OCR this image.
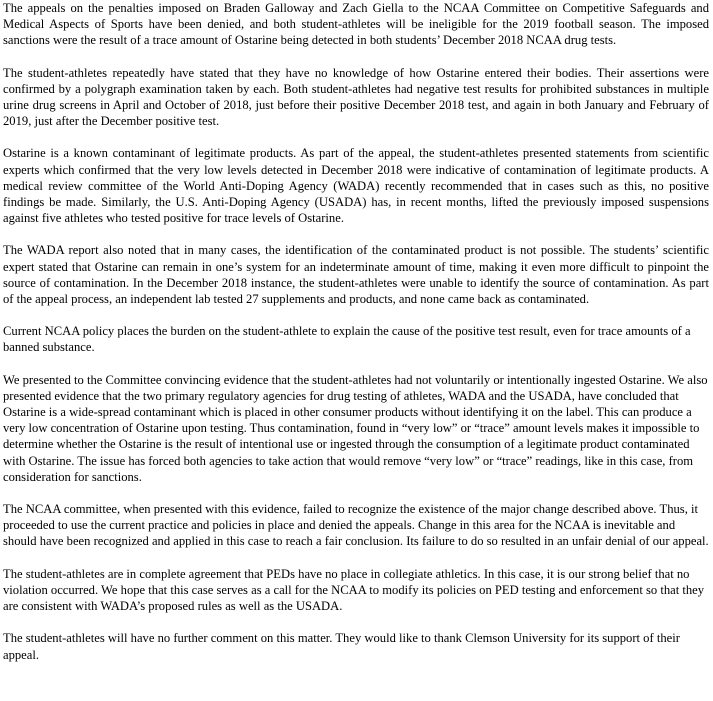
The appeals on the penalties imposed on Braden Galloway and Zach Giella to the NCAA Committee on Competitive Safeguards and Medical Aspects of Sports have been denied, and both student-athletes will be ineligible for the 2019 football season. The imposed sanctions were the result of a trace amount of Ostarine being detected in both students’ December 2018 NCAA drug tests.

The student-athletes repeatedly have stated that they have no knowledge of how Ostarine entered their bodies. Their assertions were confirmed by a polygraph examination taken by each. Both student-athletes had negative test results for prohibited substances in multiple urine drug screens in April and October of 2018, just before their positive December 2018 test, and again in both January and February of 2019, just after the December positive test.

Ostarine is a known contaminant of legitimate products. As part of the appeal, the student-athletes presented statements from scientific experts which confirmed that the very low levels detected in December 2018 were indicative of contamination of legitimate products. A medical review committee of the World Anti-Doping Agency (WADA) recently recommended that in cases such as this, no positive findings be made. Similarly, the U.S. Anti-Doping Agency (USADA) has, in recent months, lifted the previously imposed suspensions against five athletes who tested positive for trace levels of Ostarine.

The WADA report also noted that in many cases, the identification of the contaminated product is not possible. The students’ scientific expert stated that Ostarine can remain in one’s system for an indeterminate amount of time, making it even more difficult to pinpoint the source of contamination. In the December 2018 instance, the student-athletes were unable to identify the source of contamination. As part of the appeal process, an independent lab tested 27 supplements and products, and none came back as contaminated.

Current NCAA policy places the burden on the student-athlete to explain the cause of the positive test result, even for trace amounts of a banned substance.

We presented to the Committee convincing evidence that the student-athletes had not voluntarily or intentionally ingested Ostarine. We also presented evidence that the two primary regulatory agencies for drug testing of athletes, WADA and the USADA, have concluded that Ostarine is a wide-spread contaminant which is placed in other consumer products without identifying it on the label. This can produce a very low concentration of Ostarine upon testing. Thus contamination, found in “very low” or “trace” amount levels makes it impossible to determine whether the Ostarine is the result of intentional use or ingested through the consumption of a legitimate product contaminated with Ostarine. The issue has forced both agencies to take action that would remove “very low” or “trace” readings, like in this case, from consideration for sanctions.

The NCAA committee, when presented with this evidence, failed to recognize the existence of the major change described above. Thus, it proceeded to use the current practice and policies in place and denied the appeals. Change in this area for the NCAA is inevitable and should have been recognized and applied in this case to reach a fair conclusion. Its failure to do so resulted in an unfair denial of our appeal.

The student-athletes are in complete agreement that PEDs have no place in collegiate athletics. In this case, it is our strong belief that no violation occurred. We hope that this case serves as a call for the NCAA to modify its policies on PED testing and enforcement so that they are consistent with WADA’s proposed rules as well as the USADA.

The student-athletes will have no further comment on this matter. They would like to thank Clemson University for its support of their appeal.
